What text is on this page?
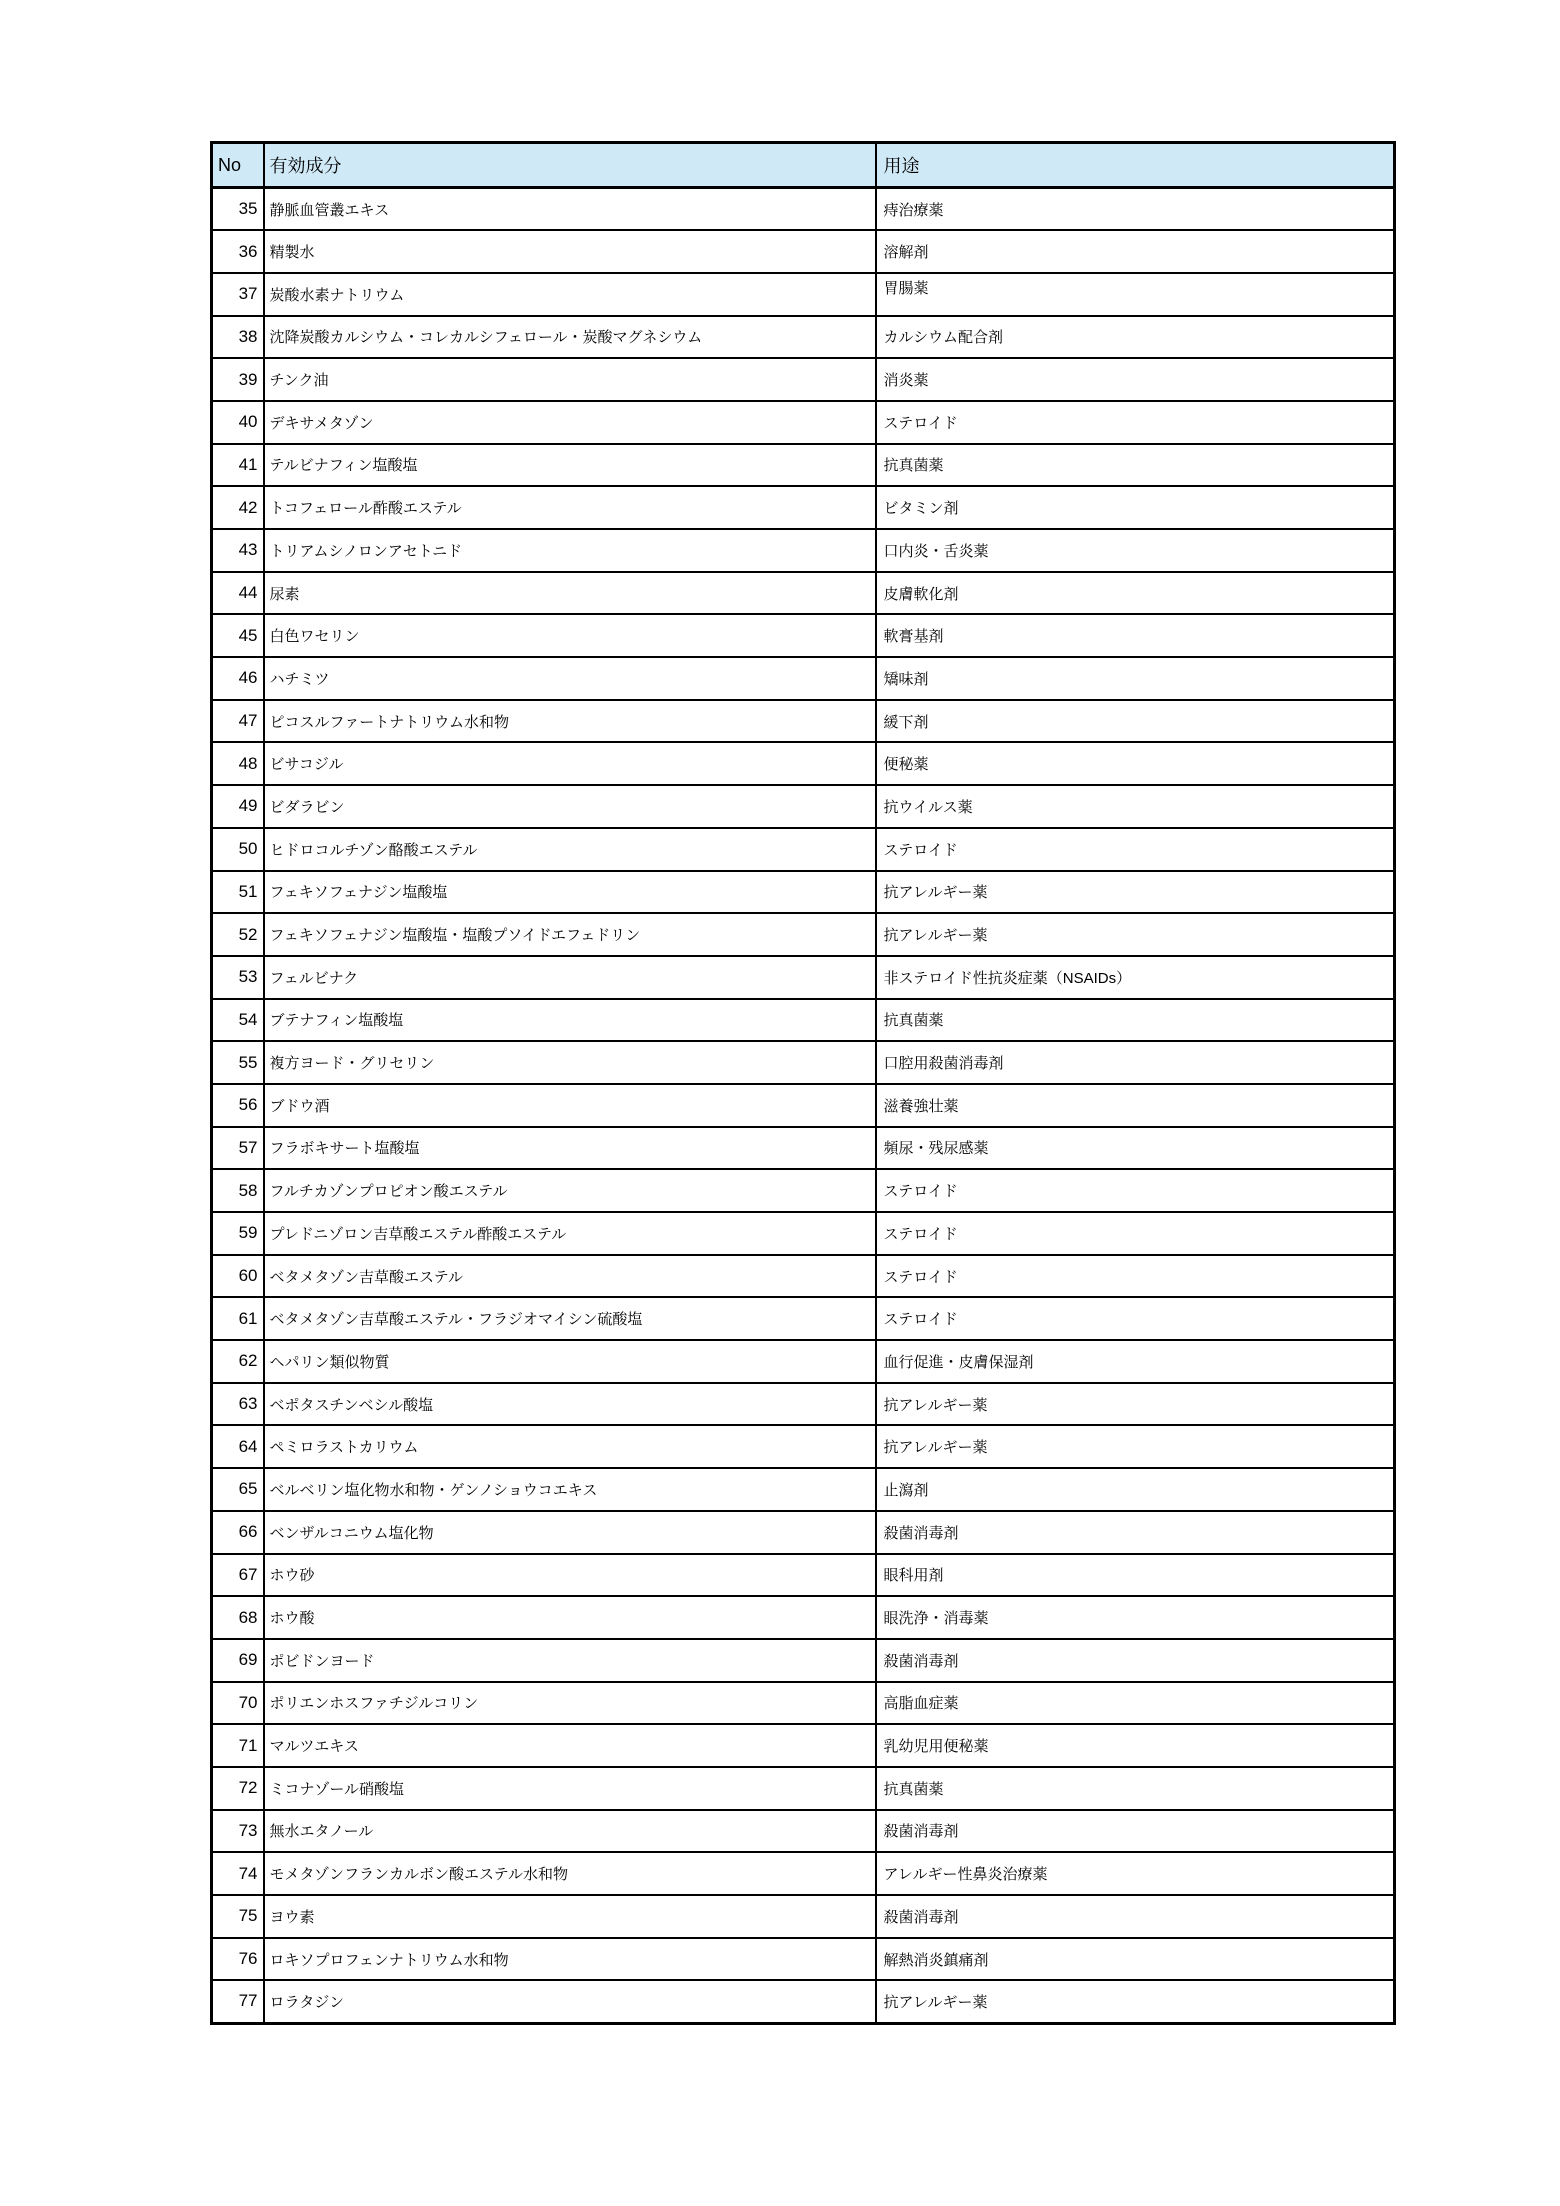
No	有効成分	用途
35	静脈血管叢エキス	痔治療薬
36	精製水	溶解剤
37	炭酸水素ナトリウム	胃腸薬
38	沈降炭酸カルシウム・コレカルシフェロール・炭酸マグネシウム	カルシウム配合剤
39	チンク油	消炎薬
40	デキサメタゾン	ステロイド
41	テルビナフィン塩酸塩	抗真菌薬
42	トコフェロール酢酸エステル	ビタミン剤
43	トリアムシノロンアセトニド	口内炎・舌炎薬
44	尿素	皮膚軟化剤
45	白色ワセリン	軟膏基剤
46	ハチミツ	矯味剤
47	ピコスルファートナトリウム水和物	緩下剤
48	ビサコジル	便秘薬
49	ビダラビン	抗ウイルス薬
50	ヒドロコルチゾン酪酸エステル	ステロイド
51	フェキソフェナジン塩酸塩	抗アレルギー薬
52	フェキソフェナジン塩酸塩・塩酸プソイドエフェドリン	抗アレルギー薬
53	フェルビナク	非ステロイド性抗炎症薬（NSAIDs）
54	ブテナフィン塩酸塩	抗真菌薬
55	複方ヨード・グリセリン	口腔用殺菌消毒剤
56	ブドウ酒	滋養強壮薬
57	フラボキサート塩酸塩	頻尿・残尿感薬
58	フルチカゾンプロピオン酸エステル	ステロイド
59	プレドニゾロン吉草酸エステル酢酸エステル	ステロイド
60	ベタメタゾン吉草酸エステル	ステロイド
61	ベタメタゾン吉草酸エステル・フラジオマイシン硫酸塩	ステロイド
62	ヘパリン類似物質	血行促進・皮膚保湿剤
63	ベポタスチンベシル酸塩	抗アレルギー薬
64	ペミロラストカリウム	抗アレルギー薬
65	ベルベリン塩化物水和物・ゲンノショウコエキス	止瀉剤
66	ベンザルコニウム塩化物	殺菌消毒剤
67	ホウ砂	眼科用剤
68	ホウ酸	眼洗浄・消毒薬
69	ポビドンヨード	殺菌消毒剤
70	ポリエンホスファチジルコリン	高脂血症薬
71	マルツエキス	乳幼児用便秘薬
72	ミコナゾール硝酸塩	抗真菌薬
73	無水エタノール	殺菌消毒剤
74	モメタゾンフランカルボン酸エステル水和物	アレルギー性鼻炎治療薬
75	ヨウ素	殺菌消毒剤
76	ロキソプロフェンナトリウム水和物	解熱消炎鎮痛剤
77	ロラタジン	抗アレルギー薬
